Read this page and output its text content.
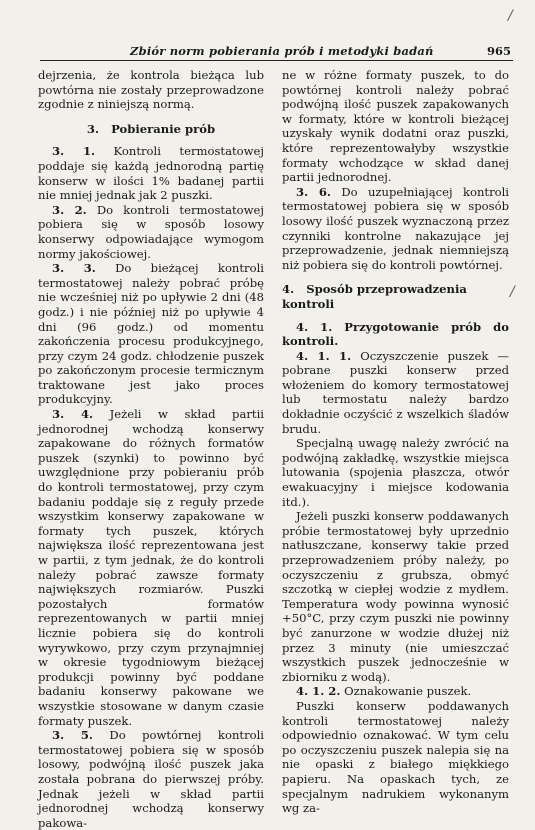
Zbiór norm pobierania prób i metodyki badań	965

dejrzenia, że kontrola bieżąca lub powtórna nie zostały przeprowadzone zgodnie z niniejszą normą.

3. Pobieranie prób

3. 1. Kontroli termostatowej poddaje się każdą jednorodną partię konserw w ilości 1% badanej partii nie mniej jednak jak 2 puszki.

3. 2. Do kontroli termostatowej pobiera się w sposób losowy konserwy odpowiadające wymogom normy jakościowej.

3. 3. Do bieżącej kontroli termostatowej należy pobrać próbę nie wcześniej niż po upływie 2 dni (48 godz.) i nie później niż po upływie 4 dni (96 godz.) od momentu zakończenia procesu produkcyjnego, przy czym 24 godz. chłodzenie puszek po zakończonym procesie termicznym traktowane jest jako proces produkcyjny.

3. 4. Jeżeli w skład partii jednorodnej wchodzą konserwy zapakowane do różnych formatów puszek (szynki) to powinno być uwzględnione przy pobieraniu prób do kontroli termostatowej, przy czym badaniu poddaje się z reguły przede wszystkim konserwy zapakowane w formaty tych puszek, których największa ilość reprezentowana jest w partii, z tym jednak, że do kontroli należy pobrać zawsze formaty największych rozmiarów. Puszki pozostałych formatów reprezentowanych w partii mniej licznie pobiera się do kontroli wyrywkowo, przy czym przynajmniej w okresie tygodniowym bieżącej produkcji powinny być poddane badaniu konserwy pakowane we wszystkie stosowane w danym czasie formaty puszek.

3. 5. Do powtórnej kontroli termostatowej pobiera się w sposób losowy, podwójną ilość puszek jaka została pobrana do pierwszej próby. Jednak jeżeli w skład partii jednorodnej wchodzą konserwy pakowa-

ne w różne formaty puszek, to do powtórnej kontroli należy pobrać podwójną ilość puszek zapakowanych w formaty, które w kontroli bieżącej uzyskały wynik dodatni oraz puszki, które reprezentowałyby wszystkie formaty wchodzące w skład danej partii jednorodnej.

3. 6. Do uzupełniającej kontroli termostatowej pobiera się w sposób losowy ilość puszek wyznaczoną przez czynniki kontrolne nakazujące jej przeprowadzenie, jednak niemniejszą niż pobiera się do kontroli powtórnej.

4. Sposób przeprowadzenia kontroli

4. 1. Przygotowanie prób do kontroli.

4. 1. 1. Oczyszczenie puszek — pobrane puszki konserw przed włożeniem do komory termostatowej lub termostatu należy bardzo dokładnie oczyścić z wszelkich śladów brudu.

Specjalną uwagę należy zwrócić na podwójną zakładkę, wszystkie miejsca lutowania (spojenia płaszcza, otwór ewakuacyjny i miejsce kodowania itd.).

Jeżeli puszki konserw poddawanych próbie termostatowej były uprzednio natłuszczane, konserwy takie przed przeprowadzeniem próby należy, po oczyszczeniu z grubsza, obmyć szczotką w ciepłej wodzie z mydłem. Temperatura wody powinna wynosić +50°C, przy czym puszki nie powinny być zanurzone w wodzie dłużej niż przez 3 minuty (nie umieszczać wszystkich puszek jednocześnie w zbiorniku z wodą).

4. 1. 2. Oznakowanie puszek.

Puszki konserw poddawanych kontroli termostatowej należy odpowiednio oznakować. W tym celu po oczyszczeniu puszek nalepia się na nie opaski z białego miękkiego papieru. Na opaskach tych, ze specjalnym nadrukiem wykonanym wg za-

/
/
